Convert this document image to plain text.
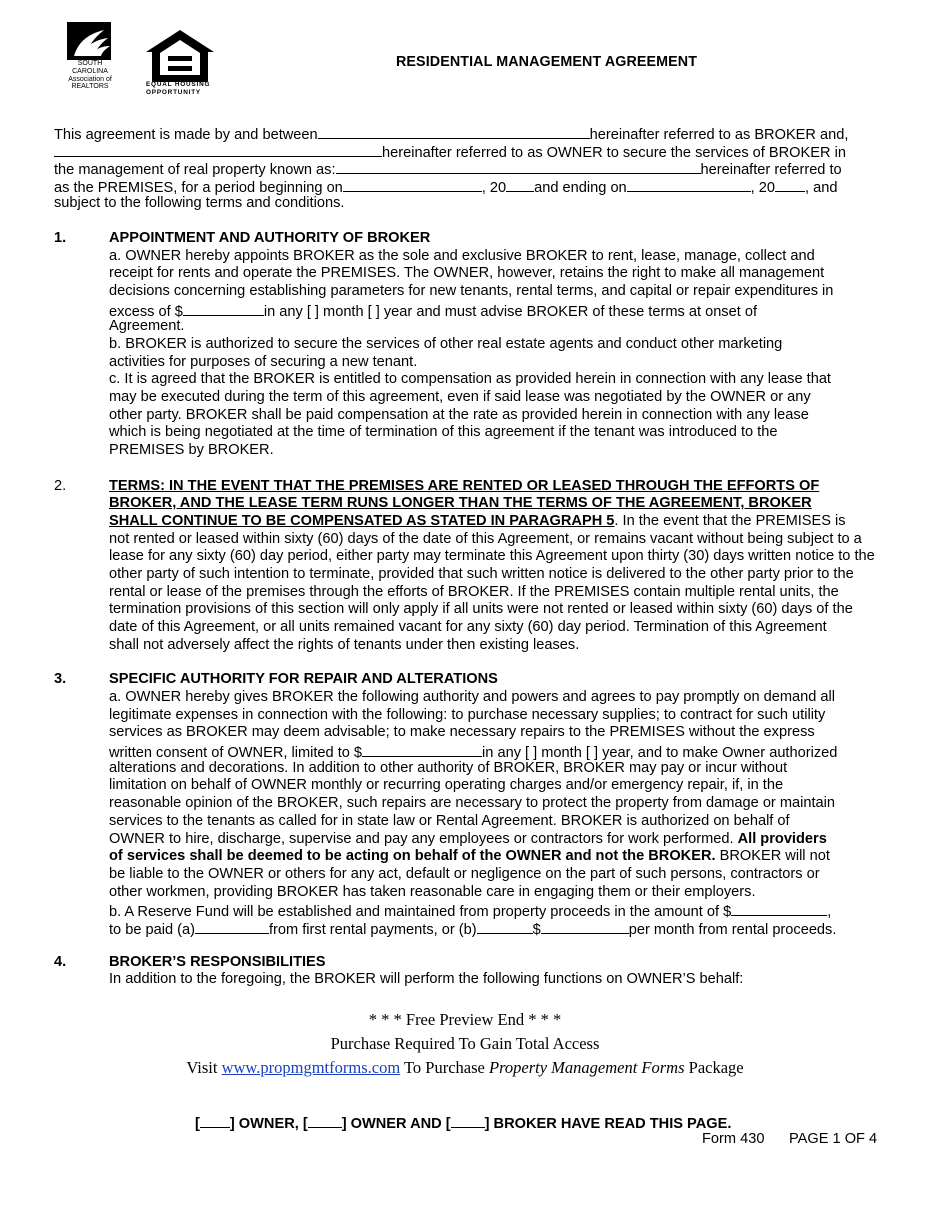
SOUTH CAROLINA Association of REALTORS	EQUAL HOUSING OPPORTUNITY
RESIDENTIAL MANAGEMENT AGREEMENT
This agreement is made by and between	hereinafter referred to as BROKER and,
hereinafter referred to as OWNER to secure the services of BROKER in
the management of real property known as:	hereinafter referred to
as the PREMISES, for a period beginning on	, 20 and ending on	, 20 , and
subject to the following terms and conditions.
1.	APPOINTMENT AND AUTHORITY OF BROKER
a. OWNER hereby appoints BROKER as the sole and exclusive BROKER to rent, lease, manage, collect and
receipt for rents and operate the PREMISES. The OWNER, however, retains the right to make all management
decisions concerning establishing parameters for new tenants, rental terms, and capital or repair expenditures in
excess of $	in any [ ] month [ ] year and must advise BROKER of these terms at onset of
Agreement.
b. BROKER is authorized to secure the services of other real estate agents and conduct other marketing
activities for purposes of securing a new tenant.
c. It is agreed that the BROKER is entitled to compensation as provided herein in connection with any lease that
may be executed during the term of this agreement, even if said lease was negotiated by the OWNER or any
other party. BROKER shall be paid compensation at the rate as provided herein in connection with any lease
which is being negotiated at the time of termination of this agreement if the tenant was introduced to the
PREMISES by BROKER.
2.	TERMS: IN THE EVENT THAT THE PREMISES ARE RENTED OR LEASED THROUGH THE EFFORTS OF
BROKER, AND THE LEASE TERM RUNS LONGER THAN THE TERMS OF THE AGREEMENT, BROKER
SHALL CONTINUE TO BE COMPENSATED AS STATED IN PARAGRAPH 5. In the event that the PREMISES is
not rented or leased within sixty (60) days of the date of this Agreement, or remains vacant without being subject to a
lease for any sixty (60) day period, either party may terminate this Agreement upon thirty (30) days written notice to the
other party of such intention to terminate, provided that such written notice is delivered to the other party prior to the
rental or lease of the premises through the efforts of BROKER. If the PREMISES contain multiple rental units, the
termination provisions of this section will only apply if all units were not rented or leased within sixty (60) days of the
date of this Agreement, or all units remained vacant for any sixty (60) day period. Termination of this Agreement
shall not adversely affect the rights of tenants under then existing leases.
3.	SPECIFIC AUTHORITY FOR REPAIR AND ALTERATIONS
a. OWNER hereby gives BROKER the following authority and powers and agrees to pay promptly on demand all
legitimate expenses in connection with the following: to purchase necessary supplies; to contract for such utility
services as BROKER may deem advisable; to make necessary repairs to the PREMISES without the express
written consent of OWNER, limited to $	in any [ ] month [ ] year, and to make Owner authorized
alterations and decorations. In addition to other authority of BROKER, BROKER may pay or incur without
limitation on behalf of OWNER monthly or recurring operating charges and/or emergency repair, if, in the
reasonable opinion of the BROKER, such repairs are necessary to protect the property from damage or maintain
services to the tenants as called for in state law or Rental Agreement. BROKER is authorized on behalf of
OWNER to hire, discharge, supervise and pay any employees or contractors for work performed. All providers
of services shall be deemed to be acting on behalf of the OWNER and not the BROKER. BROKER will not
be liable to the OWNER or others for any act, default or negligence on the part of such persons, contractors or
other workmen, providing BROKER has taken reasonable care in engaging them or their employers.
b. A Reserve Fund will be established and maintained from property proceeds in the amount of $	,
to be paid (a)	from first rental payments, or (b)	$	per month from rental proceeds.
4.	BROKER’S RESPONSIBILITIES
In addition to the foregoing, the BROKER will perform the following functions on OWNER’S behalf:
* * * Free Preview End * * *
Purchase Required To Gain Total Access
Visit www.propmgmtforms.com To Purchase Property Management Forms Package
[ ] OWNER, [ ] OWNER AND [ ] BROKER HAVE READ THIS PAGE.
Form 430 PAGE 1 OF 4
